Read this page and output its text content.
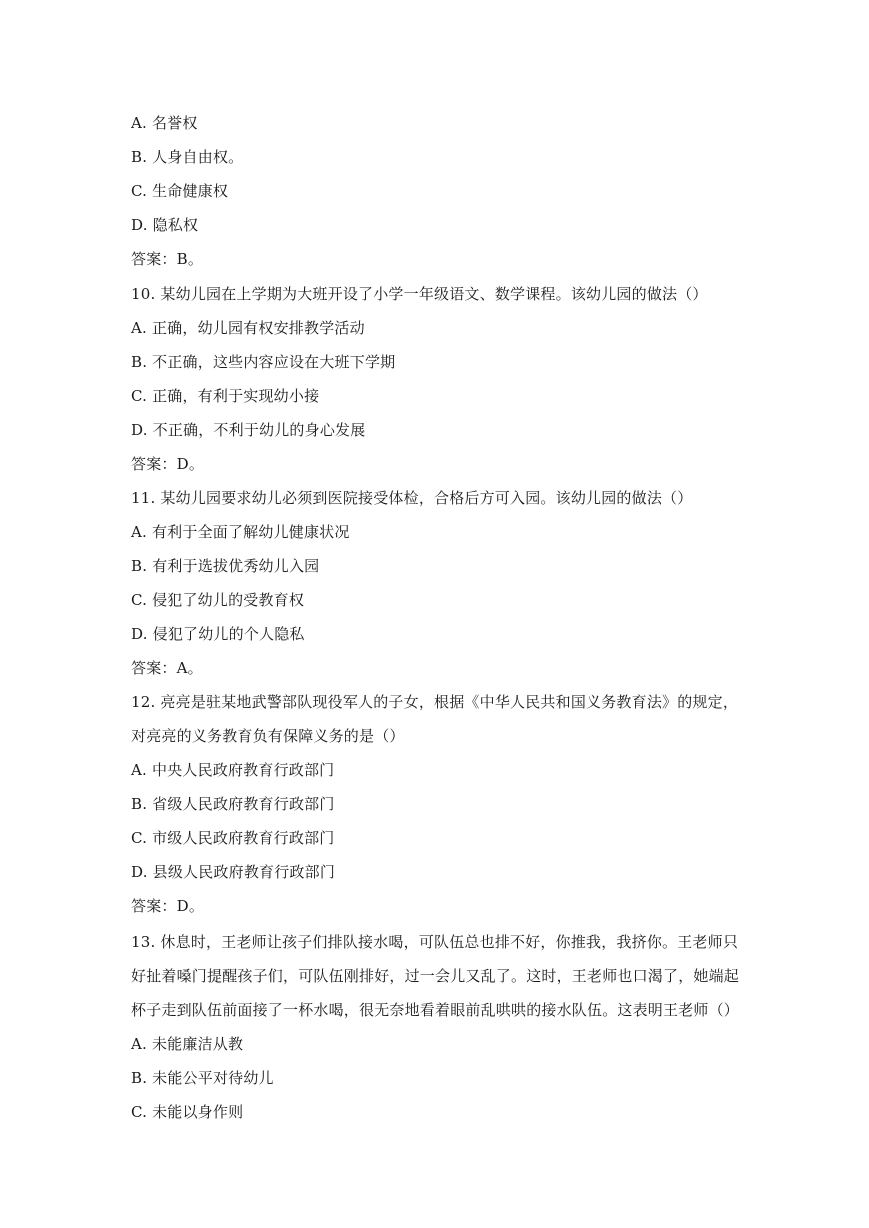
A. 名誉权
B. 人身自由权。
C. 生命健康权
D. 隐私权
答案：B。
10. 某幼儿园在上学期为大班开设了小学一年级语文、数学课程。该幼儿园的做法（）
A. 正确，幼儿园有权安排教学活动
B. 不正确，这些内容应设在大班下学期
C. 正确，有利于实现幼小接
D. 不正确，不利于幼儿的身心发展
答案：D。
11. 某幼儿园要求幼儿必须到医院接受体检，合格后方可入园。该幼儿园的做法（）
A. 有利于全面了解幼儿健康状况
B. 有利于选拔优秀幼儿入园
C. 侵犯了幼儿的受教育权
D. 侵犯了幼儿的个人隐私
答案：A。
12. 亮亮是驻某地武警部队现役军人的子女，根据《中华人民共和国义务教育法》的规定，
对亮亮的义务教育负有保障义务的是（）
A. 中央人民政府教育行政部门
B. 省级人民政府教育行政部门
C. 市级人民政府教育行政部门
D. 县级人民政府教育行政部门
答案：D。
13. 休息时，王老师让孩子们排队接水喝，可队伍总也排不好，你推我，我挤你。王老师只
好扯着嗓门提醒孩子们，可队伍刚排好，过一会儿又乱了。这时，王老师也口渴了，她端起
杯子走到队伍前面接了一杯水喝，很无奈地看着眼前乱哄哄的接水队伍。这表明王老师（）
A. 未能廉洁从教
B. 未能公平对待幼儿
C. 未能以身作则
